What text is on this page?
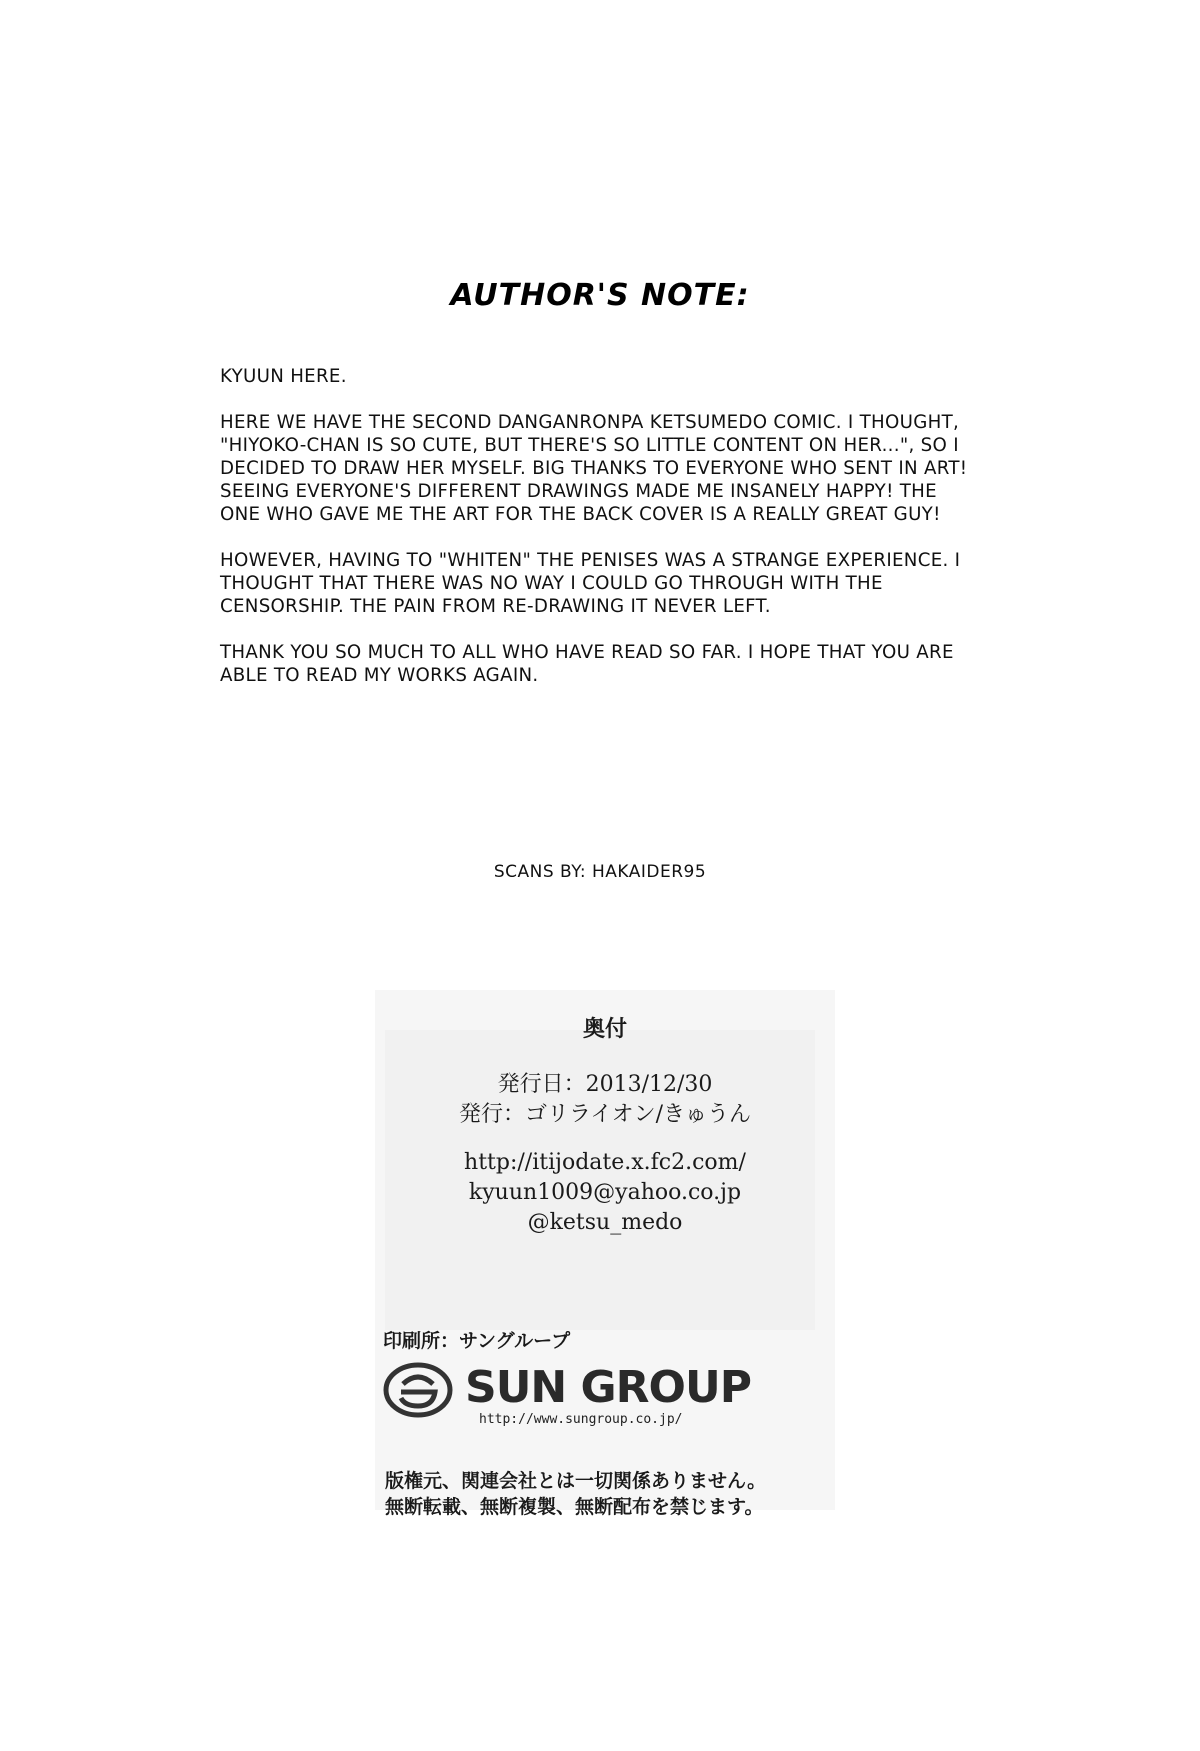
AUTHOR'S NOTE:

KYUUN HERE.

HERE WE HAVE THE SECOND DANGANRONPA KETSUMEDO COMIC. I THOUGHT, "HIYOKO-CHAN IS SO CUTE, BUT THERE'S SO LITTLE CONTENT ON HER...", SO I DECIDED TO DRAW HER MYSELF. BIG THANKS TO EVERYONE WHO SENT IN ART! SEEING EVERYONE'S DIFFERENT DRAWINGS MADE ME INSANELY HAPPY! THE ONE WHO GAVE ME THE ART FOR THE BACK COVER IS A REALLY GREAT GUY!

HOWEVER, HAVING TO "WHITEN" THE PENISES WAS A STRANGE EXPERIENCE. I THOUGHT THAT THERE WAS NO WAY I COULD GO THROUGH WITH THE CENSORSHIP. THE PAIN FROM RE-DRAWING IT NEVER LEFT.

THANK YOU SO MUCH TO ALL WHO HAVE READ SO FAR. I HOPE THAT YOU ARE ABLE TO READ MY WORKS AGAIN.

SCANS BY: HAKAIDER95
奥付
発行日：2013/12/30
発行：ゴリライオン/きゅうん
http://itijodate.x.fc2.com/
kyuun1009@yahoo.co.jp
@ketsu_medo
印刷所：サングループ
SUN GROUP
http://www.sungroup.co.jp/
版権元、関連会社とは一切関係ありません。
無断転載、無断複製、無断配布を禁じます。
